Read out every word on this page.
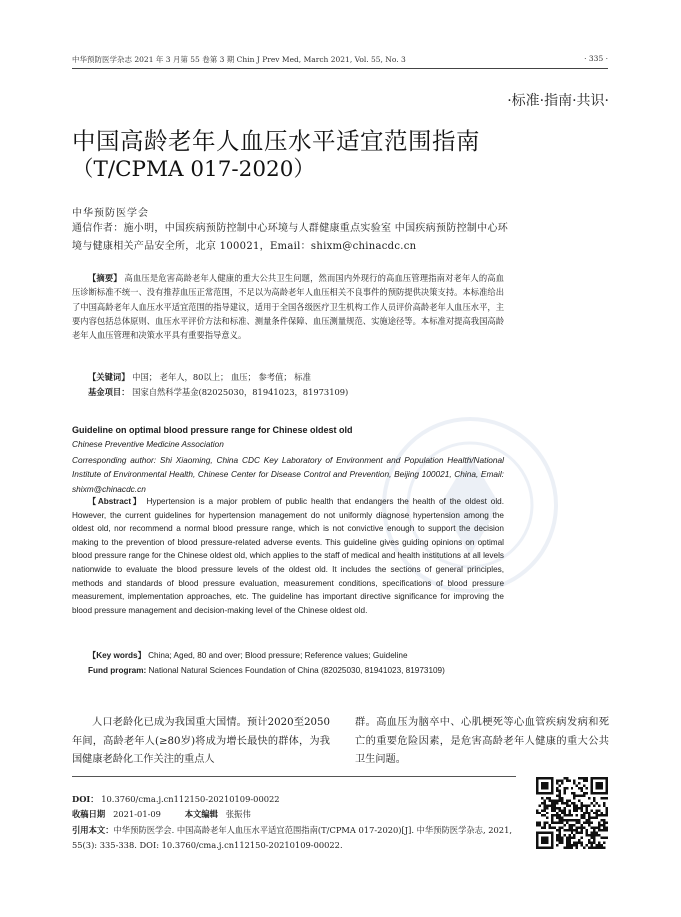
中华预防医学杂志 2021 年 3 月第 55 卷第 3 期 Chin J Prev Med, March 2021, Vol. 55, No. 3	· 335 ·
·标准·指南·共识·
中国高龄老年人血压水平适宜范围指南
（T/CPMA 017-2020）
中华预防医学会
通信作者：施小明，中国疾病预防控制中心环境与人群健康重点实验室 中国疾病预防控制中心环境与健康相关产品安全所，北京 100021，Email：shixm@chinacdc.cn
【摘要】 高血压是危害高龄老年人健康的重大公共卫生问题，然而国内外现行的高血压管理指南对老年人的高血压诊断标准不统一、没有推荐血压正常范围，不足以为高龄老年人血压相关不良事件的预防提供决策支持。本标准给出了中国高龄老年人血压水平适宜范围的指导建议，适用于全国各级医疗卫生机构工作人员评价高龄老年人血压水平，主要内容包括总体原则、血压水平评价方法和标准、测量条件保障、血压测量规范、实施途径等。本标准对提高我国高龄老年人血压管理和决策水平具有重要指导意义。
【关键词】 中国； 老年人，80以上； 血压； 参考值； 标准
基金项目： 国家自然科学基金(82025030，81941023，81973109)
Guideline on optimal blood pressure range for Chinese oldest old
Chinese Preventive Medicine Association
Corresponding author: Shi Xiaoming, China CDC Key Laboratory of Environment and Population Health/National Institute of Environmental Health, Chinese Center for Disease Control and Prevention, Beijing 100021, China, Email: shixm@chinacdc.cn
【Abstract】 Hypertension is a major problem of public health that endangers the health of the oldest old. However, the current guidelines for hypertension management do not uniformly diagnose hypertension among the oldest old, nor recommend a normal blood pressure range, which is not convictive enough to support the decision making to the prevention of blood pressure-related adverse events. This guideline gives guiding opinions on optimal blood pressure range for the Chinese oldest old, which applies to the staff of medical and health institutions at all levels nationwide to evaluate the blood pressure levels of the oldest old. It includes the sections of general principles, methods and standards of blood pressure evaluation, measurement conditions, specifications of blood pressure measurement, implementation approaches, etc. The guideline has important directive significance for improving the blood pressure management and decision-making level of the Chinese oldest old.
【Key words】 China; Aged, 80 and over; Blood pressure; Reference values; Guideline
Fund program: National Natural Sciences Foundation of China (82025030, 81941023, 81973109)
人口老龄化已成为我国重大国情。预计2020至2050年间，高龄老年人(≥80岁)将成为增长最快的群体，为我国健康老龄化工作关注的重点人
群。高血压为脑卒中、心肌梗死等心血管疾病发病和死亡的重要危险因素，是危害高龄老年人健康的重大公共卫生问题。
DOI： 10.3760/cma.j.cn112150-20210109-00022
收稿日期 2021-01-09	本文编辑 张振伟
引用本文：中华预防医学会. 中国高龄老年人血压水平适宜范围指南(T/CPMA 017-2020)[J]. 中华预防医学杂志, 2021, 55(3): 335-338. DOI: 10.3760/cma.j.cn112150-20210109-00022.
